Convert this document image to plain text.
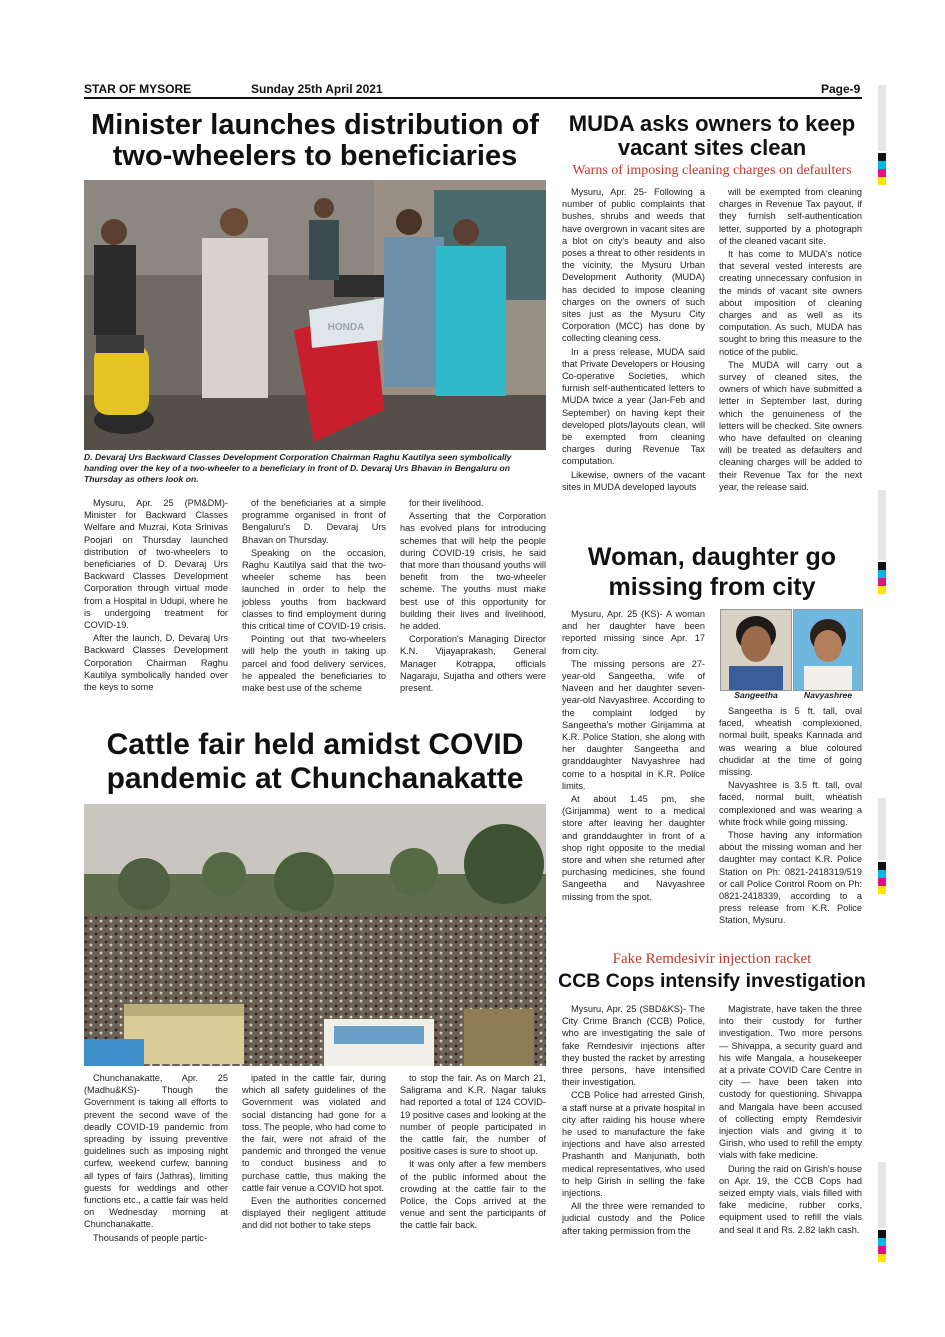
STAR OF MYSORE	Sunday 25th April 2021	Page-9
Minister launches distribution of
two-wheelers to beneficiaries
HONDA
D. Devaraj Urs Backward Classes Development Corporation Chairman Raghu Kautilya seen symbolically handing over the key of a two-wheeler to a beneficiary in front of D. Devaraj Urs Bhavan in Bengaluru on Thursday as others look on.

Mysuru, Apr. 25 (PM&DM)- Minister for Backward Classes Welfare and Muzrai, Kota Srinivas Poojari on Thursday launched distribution of two-wheelers to beneficiaries of D. Devaraj Urs Backward Classes Development Corporation through virtual mode from a Hospital in Udupi, where he is undergoing treatment for COVID-19.

After the launch, D. Devaraj Urs Backward Classes Development Corporation Chairman Raghu Kautilya symbolically handed over the keys to some

of the beneficiaries at a simple programme organised in front of Bengaluru's D. Devaraj Urs Bhavan on Thursday.

Speaking on the occasion, Raghu Kautilya said that the two-wheeler scheme has been launched in order to help the jobless youths from backward classes to find employment during this critical time of COVID-19 crisis.

Pointing out that two-wheelers will help the youth in taking up parcel and food delivery services, he appealed the beneficiaries to make best use of the scheme

for their livelihood.

Asserting that the Corporation has evolved plans for introducing schemes that will help the people during COVID-19 crisis, he said that more than thousand youths will benefit from the two-wheeler scheme. The youths must make best use of this opportunity for building their lives and livelihood, he added.

Corporation's Managing Director K.N. Vijayaprakash, General Manager Kotrappa, officials Nagaraju, Sujatha and others were present.

Cattle fair held amidst COVID
pandemic at Chunchanakatte

Chunchanakatte, Apr. 25 (Madhu&KS)- Though the Government is taking all efforts to prevent the second wave of the deadly COVID-19 pandemic from spreading by issuing preventive guidelines such as imposing night curfew, weekend curfew, banning all types of fairs (Jathras), limiting guests for weddings and other functions etc., a cattle fair was held on Wednesday morning at Chunchanakatte.

Thousands of people partic-

ipated in the cattle fair, during which all safety guidelines of the Government was violated and social distancing had gone for a toss. The people, who had come to the fair, were not afraid of the pandemic and thronged the venue to conduct business and to purchase cattle, thus making the cattle fair venue a COVID hot spot.

Even the authorities concerned displayed their negligent attitude and did not bother to take steps

to stop the fair. As on March 21, Saligrama and K.R. Nagar taluks had reported a total of 124 COVID-19 positive cases and looking at the number of people participated in the cattle fair, the number of positive cases is sure to shoot up.

It was only after a few members of the public informed about the crowding at the cattle fair to the Police, the Cops arrived at the venue and sent the participants of the cattle fair back.

MUDA asks owners to keep
vacant sites clean
Warns of imposing cleaning charges on defaulters

Mysuru, Apr. 25- Following a number of public complaints that bushes, shrubs and weeds that have overgrown in vacant sites are a blot on city's beauty and also poses a threat to other residents in the vicinity, the Mysuru Urban Development Authority (MUDA) has decided to impose cleaning charges on the owners of such sites just as the Mysuru City Corporation (MCC) has done by collecting cleaning cess.

In a press release, MUDA said that Private Developers or Housing Co-operative Societies, which furnish self-authenticated letters to MUDA twice a year (Jan-Feb and September) on having kept their developed plots/layouts clean, will be exempted from cleaning charges during Revenue Tax computation.

Likewise, owners of the vacant sites in MUDA developed layouts

will be exempted from cleaning charges in Revenue Tax payout, if they furnish self-authentication letter, supported by a photograph of the cleaned vacant site.

It has come to MUDA's notice that several vested interests are creating unnecessary confusion in the minds of vacant site owners about imposition of cleaning charges and as well as its computation. As such, MUDA has sought to bring this measure to the notice of the public.

The MUDA will carry out a survey of cleaned sites, the owners of which have submitted a letter in September last, during which the genuineness of the letters will be checked. Site owners who have defaulted on cleaning will be treated as defaulters and cleaning charges will be added to their Revenue Tax for the next year, the release said.

Woman, daughter go
missing from city

Mysuru, Apr. 25 (KS)- A woman and her daughter have been reported missing since Apr. 17 from city.

The missing persons are 27-year-old Sangeetha, wife of Naveen and her daughter seven-year-old Navyashree. According to the complaint lodged by Sangeetha's mother Girijamma at K.R. Police Station, she along with her daughter Sangeetha and granddaughter Navyashree had come to a hospital in K.R. Police limits.

At about 1.45 pm, she (Girijamma) went to a medical store after leaving her daughter and granddaughter in front of a shop right opposite to the medial store and when she returned after purchasing medicines, she found Sangeetha and Navyashree missing from the spot.

Sangeetha	Navyashree

Sangeetha is 5 ft. tall, oval faced, wheatish complexioned, normal built, speaks Kannada and was wearing a blue coloured chudidar at the time of going missing.

Navyashree is 3.5 ft. tall, oval faced, normal built, wheatish complexioned and was wearing a white frock while going missing.

Those having any information about the missing woman and her daughter may contact K.R. Police Station on Ph: 0821-2418319/519 or call Police Control Room on Ph: 0821-2418339, according to a press release from K.R. Police Station, Mysuru.

Fake Remdesivir injection racket
CCB Cops intensify investigation

Mysuru, Apr. 25 (SBD&KS)- The City Crime Branch (CCB) Police, who are investigating the sale of fake Remdesivir injections after they busted the racket by arresting three persons, have intensified their investigation.

CCB Police had arrested Girish, a staff nurse at a private hospital in city after raiding his house where he used to manufacture the fake injections and have also arrested Prashanth and Manjunath, both medical representatives, who used to help Girish in selling the fake injections.

All the three were remanded to judicial custody and the Police after taking permission from the

Magistrate, have taken the three into their custody for further investigation. Two more persons — Shivappa, a security guard and his wife Mangala, a housekeeper at a private COVID Care Centre in city — have been taken into custody for questioning. Shivappa and Mangala have been accused of collecting empty Remdesivir injection vials and giving it to Girish, who used to refill the empty vials with fake medicine.

During the raid on Girish's house on Apr. 19, the CCB Cops had seized empty vials, vials filled with fake medicine, rubber corks, equipment used to refill the vials and seal it and Rs. 2.82 lakh cash.
